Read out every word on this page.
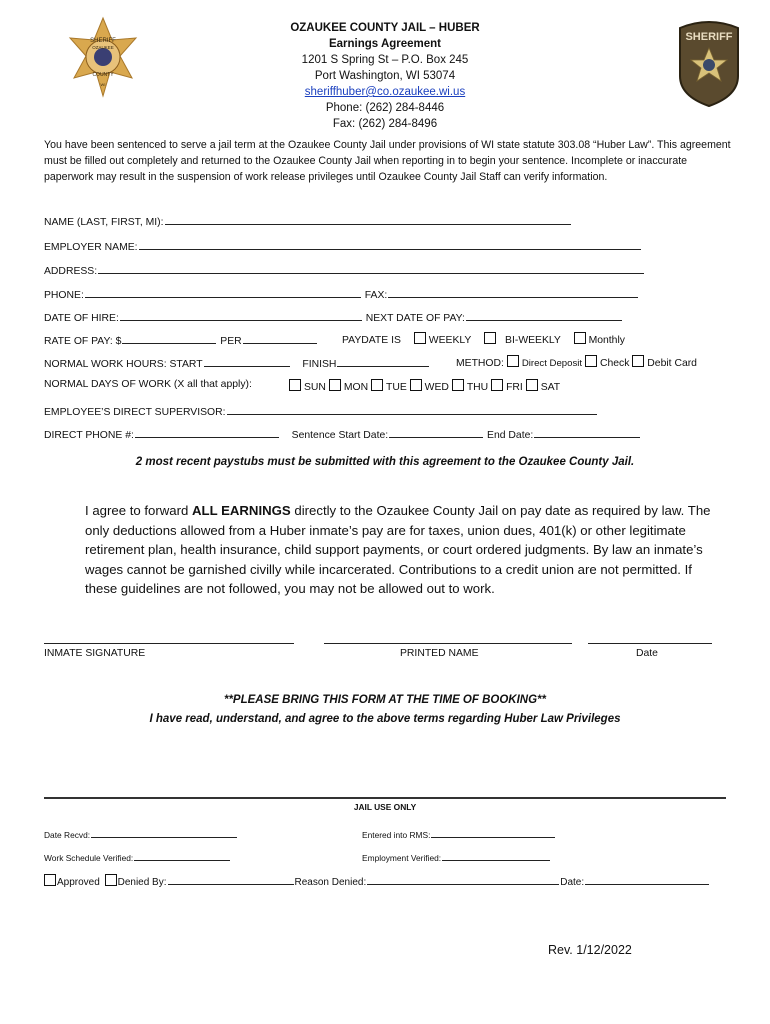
SHERIFF
OZAUKEE
COUNTY
WI
SHERIFF
OZAUKEE COUNTY JAIL – HUBER
Earnings Agreement
1201 S Spring St – P.O. Box 245
Port Washington, WI 53074
sheriffhuber@co.ozaukee.wi.us
Phone: (262) 284-8446
Fax: (262) 284-8496
You have been sentenced to serve a jail term at the Ozaukee County Jail under provisions of WI state statute 303.08 “Huber Law”. This agreement must be filled out completely and returned to the Ozaukee County Jail when reporting in to begin your sentence. Incomplete or inaccurate paperwork may result in the suspension of work release privileges until Ozaukee County Jail Staff can verify information.
NAME (LAST, FIRST, MI):
EMPLOYER NAME:
ADDRESS:
PHONE:	FAX:
DATE OF HIRE:	NEXT DATE OF PAY:
RATE OF PAY: $	PER	PAYDATE IS	WEEKLY	BI-WEEKLY	Monthly
NORMAL WORK HOURS: START	FINISH	METHOD: Direct Deposit Check Debit Card
NORMAL DAYS OF WORK (X all that apply):	SUN MON TUE WED THU FRI SAT
EMPLOYEE’S DIRECT SUPERVISOR:
DIRECT PHONE #:	Sentence Start Date:	End Date:
2 most recent paystubs must be submitted with this agreement to the Ozaukee County Jail.
I agree to forward ALL EARNINGS directly to the Ozaukee County Jail on pay date as required by law. The only deductions allowed from a Huber inmate’s pay are for taxes, union dues, 401(k) or other legitimate retirement plan, health insurance, child support payments, or court ordered judgments. By law an inmate’s wages cannot be garnished civilly while incarcerated. Contributions to a credit union are not permitted. If these guidelines are not followed, you may not be allowed out to work.
INMATE SIGNATURE	PRINTED NAME	Date
**PLEASE BRING THIS FORM AT THE TIME OF BOOKING**
I have read, understand, and agree to the above terms regarding Huber Law Privileges
JAIL USE ONLY
Date Recvd:	Entered into RMS:
Work Schedule Verified:	Employment Verified:
Approved Denied By:	Reason Denied:	Date:
Rev. 1/12/2022
